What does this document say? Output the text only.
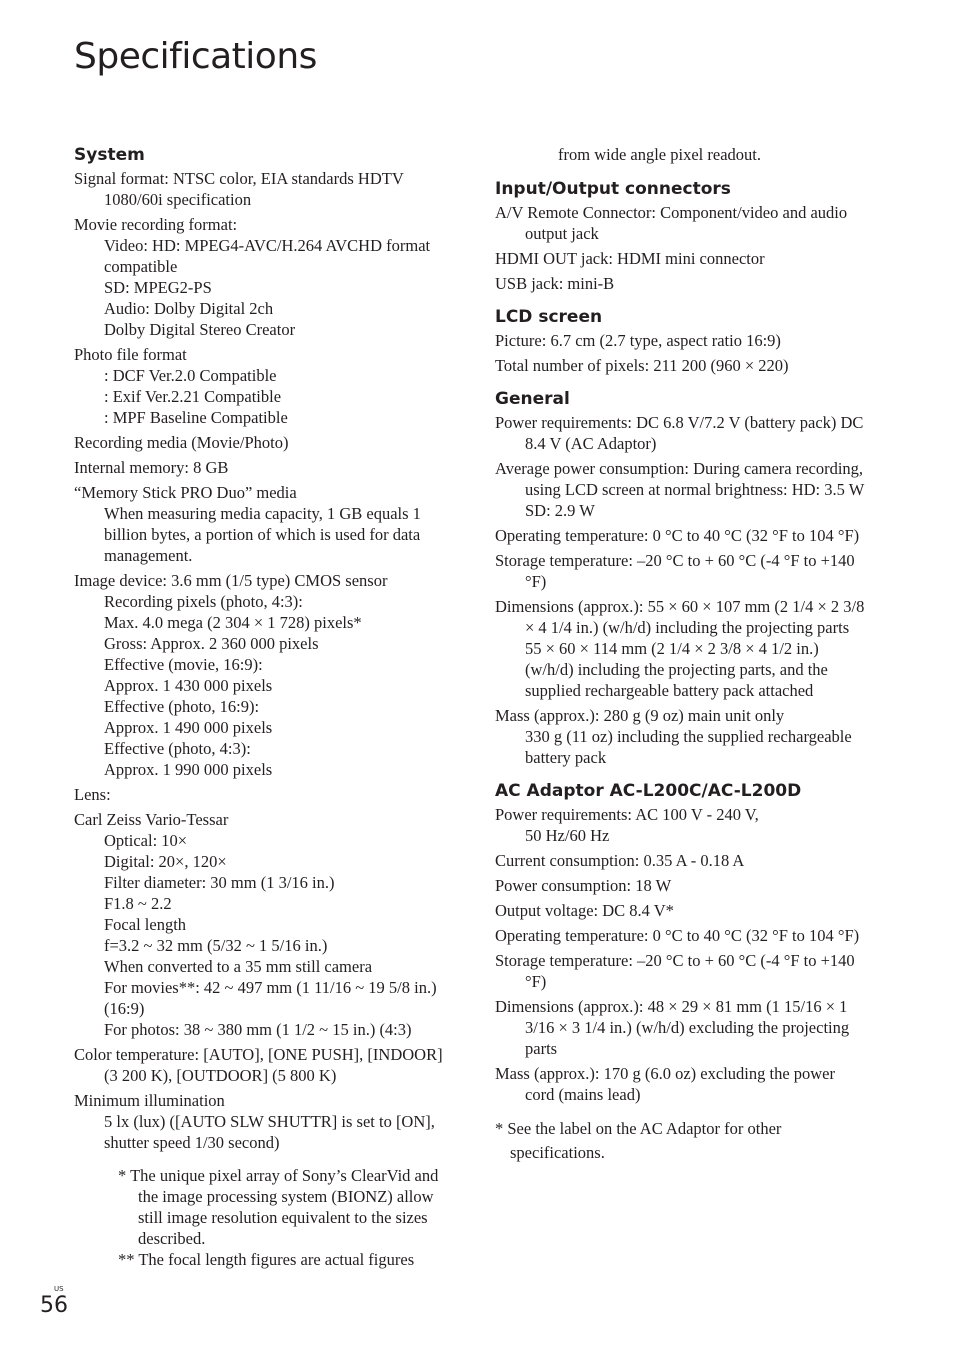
Specifications
System
Signal format: NTSC color, EIA standards HDTV 1080/60i specification
Movie recording format:
Video: HD: MPEG4-AVC/H.264 AVCHD format compatible
SD: MPEG2-PS
Audio: Dolby Digital 2ch
Dolby Digital Stereo Creator
Photo file format
: DCF Ver.2.0 Compatible
: Exif Ver.2.21 Compatible
: MPF Baseline Compatible
Recording media (Movie/Photo)
Internal memory: 8 GB
“Memory Stick PRO Duo” media
When measuring media capacity, 1 GB equals 1 billion bytes, a portion of which is used for data management.
Image device: 3.6 mm (1/5 type) CMOS sensor
Recording pixels (photo, 4:3):
Max. 4.0 mega (2 304 × 1 728) pixels*
Gross: Approx. 2 360 000 pixels
Effective (movie, 16:9):
Approx. 1 430 000 pixels
Effective (photo, 16:9):
Approx. 1 490 000 pixels
Effective (photo, 4:3):
Approx. 1 990 000 pixels
Lens:
Carl Zeiss Vario-Tessar
Optical: 10×
Digital: 20×, 120×
Filter diameter: 30 mm (1 3/16 in.)
F1.8 ~ 2.2
Focal length
f=3.2 ~ 32 mm (5/32 ~ 1 5/16 in.)
When converted to a 35 mm still camera
For movies**: 42 ~ 497 mm (1 11/16 ~ 19 5/8 in.) (16:9)
For photos: 38 ~ 380 mm (1 1/2 ~ 15 in.) (4:3)
Color temperature: [AUTO], [ONE PUSH], [INDOOR] (3 200 K), [OUTDOOR] (5 800 K)
Minimum illumination
5 lx (lux) ([AUTO SLW SHUTTR] is set to [ON], shutter speed 1/30 second)
* The unique pixel array of Sony’s ClearVid and the image processing system (BIONZ) allow still image resolution equivalent to the sizes described.
** The focal length figures are actual figures
from wide angle pixel readout.
Input/Output connectors
A/V Remote Connector: Component/video and audio output jack
HDMI OUT jack: HDMI mini connector
USB jack: mini-B
LCD screen
Picture: 6.7 cm (2.7 type, aspect ratio 16:9)
Total number of pixels: 211 200 (960 × 220)
General
Power requirements: DC 6.8 V/7.2 V (battery pack) DC 8.4 V (AC Adaptor)
Average power consumption: During camera recording, using LCD screen at normal brightness: HD: 3.5 W SD: 2.9 W
Operating temperature: 0 °C to 40 °C (32 °F to 104 °F)
Storage temperature: –20 °C to + 60 °C (-4 °F to +140 °F)
Dimensions (approx.): 55 × 60 × 107 mm (2 1/4 × 2 3/8 × 4 1/4 in.) (w/h/d) including the projecting parts
55 × 60 × 114 mm (2 1/4 × 2 3/8 × 4 1/2 in.) (w/h/d) including the projecting parts, and the supplied rechargeable battery pack attached
Mass (approx.): 280 g (9 oz) main unit only
330 g (11 oz) including the supplied rechargeable battery pack
AC Adaptor AC-L200C/AC-L200D
Power requirements: AC 100 V - 240 V,
50 Hz/60 Hz
Current consumption: 0.35 A - 0.18 A
Power consumption: 18 W
Output voltage: DC 8.4 V*
Operating temperature: 0 °C to 40 °C (32 °F to 104 °F)
Storage temperature: –20 °C to + 60 °C (-4 °F to +140 °F)
Dimensions (approx.): 48 × 29 × 81 mm (1 15/16 × 1 3/16 × 3 1/4 in.) (w/h/d) excluding the projecting parts
Mass (approx.): 170 g (6.0 oz) excluding the power cord (mains lead)
* See the label on the AC Adaptor for other specifications.
US
56
